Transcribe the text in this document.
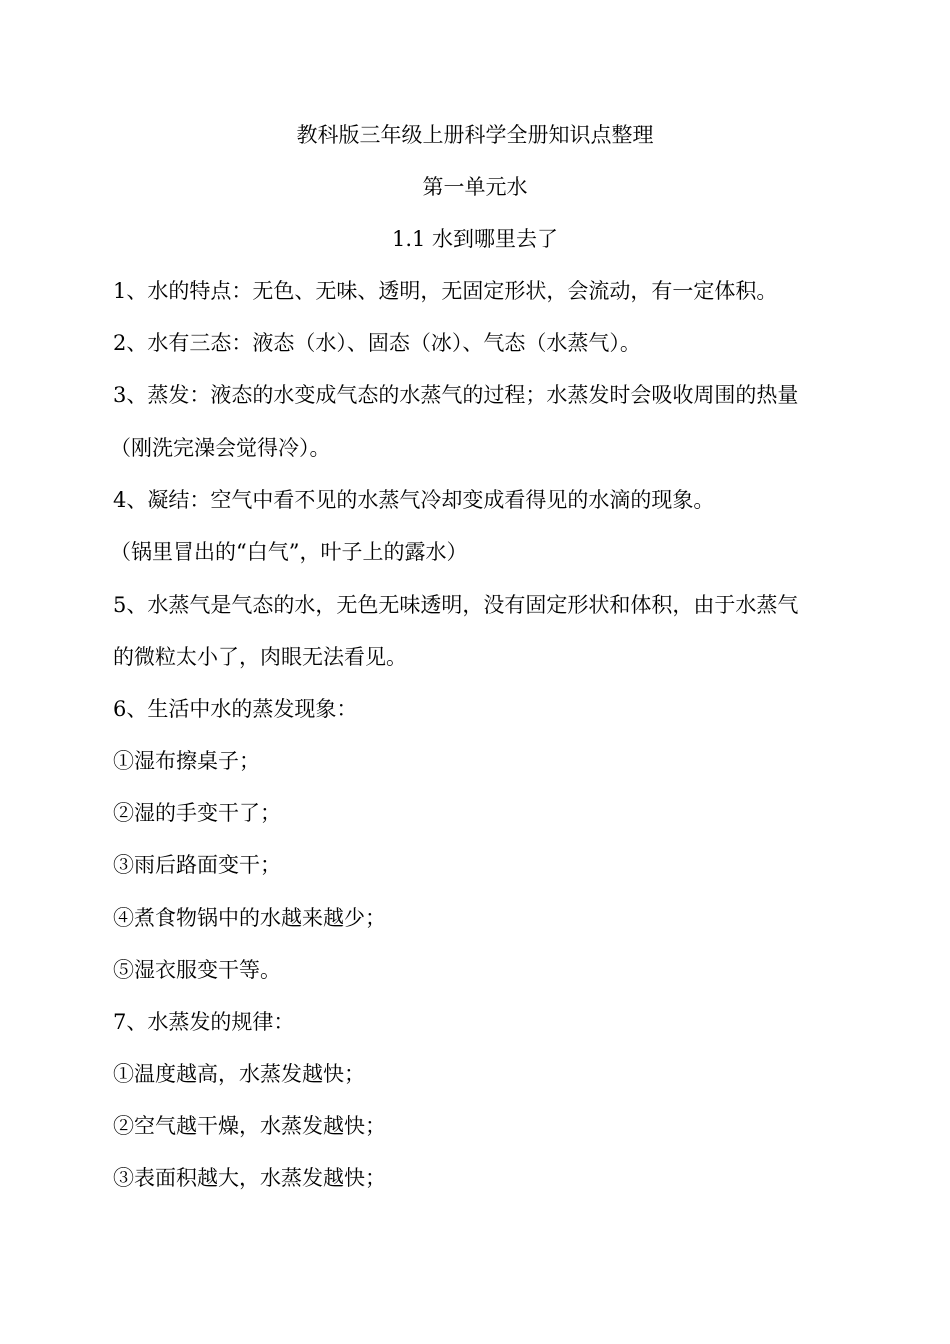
教科版三年级上册科学全册知识点整理
第一单元水
1.1 水到哪里去了
1、水的特点：无色、无味、透明，无固定形状，会流动，有一定体积。
2、水有三态：液态（水）、固态（冰）、气态（水蒸气）。
3、蒸发：液态的水变成气态的水蒸气的过程；水蒸发时会吸收周围的热量
（刚洗完澡会觉得冷）。
4、凝结：空气中看不见的水蒸气冷却变成看得见的水滴的现象。
（锅里冒出的“白气”，叶子上的露水）
5、水蒸气是气态的水，无色无味透明，没有固定形状和体积，由于水蒸气
的微粒太小了，肉眼无法看见。
6、生活中水的蒸发现象：
①湿布擦桌子；
②湿的手变干了；
③雨后路面变干；
④煮食物锅中的水越来越少；
⑤湿衣服变干等。
7、水蒸发的规律：
①温度越高，水蒸发越快；
②空气越干燥，水蒸发越快；
③表面积越大，水蒸发越快；
